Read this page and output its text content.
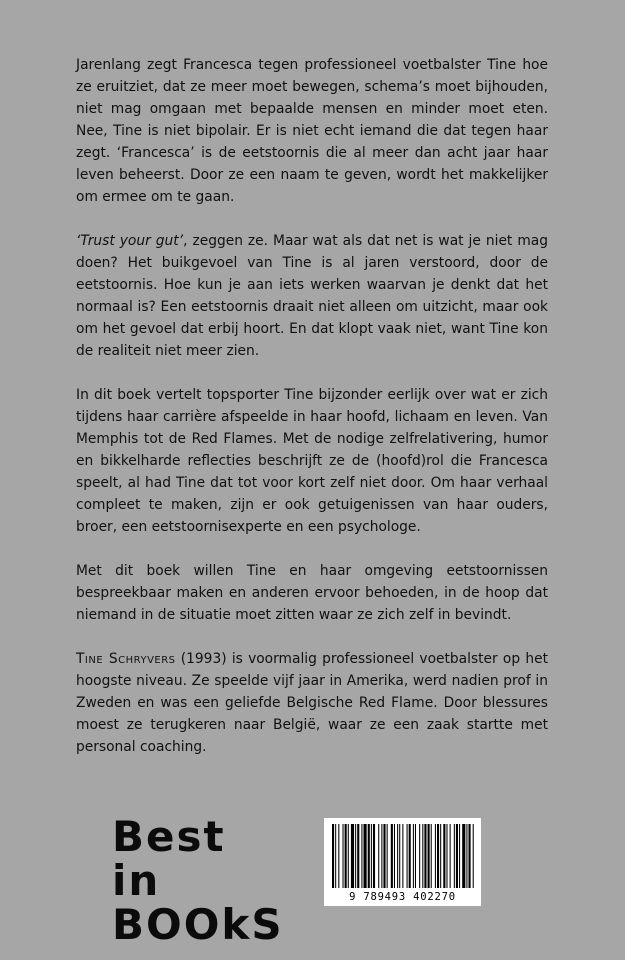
Jarenlang zegt Francesca tegen professioneel voetbalster Tine hoe ze eruitziet, dat ze meer moet bewegen, schema’s moet bijhouden, niet mag omgaan met bepaalde mensen en minder moet eten. Nee, Tine is niet bipolair. Er is niet echt iemand die dat tegen haar zegt. ‘Francesca’ is de eetstoornis die al meer dan acht jaar haar leven beheerst. Door ze een naam te geven, wordt het makkelijker om ermee om te gaan.

‘Trust your gut’, zeggen ze. Maar wat als dat net is wat je niet mag doen? Het buikgevoel van Tine is al jaren verstoord, door de eetstoornis. Hoe kun je aan iets werken waarvan je denkt dat het normaal is? Een eetstoornis draait niet alleen om uitzicht, maar ook om het gevoel dat erbij hoort. En dat klopt vaak niet, want Tine kon de realiteit niet meer zien.

In dit boek vertelt topsporter Tine bijzonder eerlijk over wat er zich tijdens haar carrière afspeelde in haar hoofd, lichaam en leven. Van Memphis tot de Red Flames. Met de nodige zelfrelativering, humor en bikkelharde reflecties beschrijft ze de (hoofd)rol die Francesca speelt, al had Tine dat tot voor kort zelf niet door. Om haar verhaal compleet te maken, zijn er ook getuigenissen van haar ouders, broer, een eetstoornisexperte en een psychologe.

Met dit boek willen Tine en haar omgeving eetstoornissen bespreekbaar maken en anderen ervoor behoeden, in de hoop dat niemand in de situatie moet zitten waar ze zich zelf in bevindt.

Tine Schryvers (1993) is voormalig professioneel voetbalster op het hoogste niveau. Ze speelde vijf jaar in Amerika, werd nadien prof in Zweden en was een geliefde Belgische Red Flame. Door blessures moest ze terugkeren naar België, waar ze een zaak startte met personal coaching.

Best in
BOOkS
9 789493 402270
